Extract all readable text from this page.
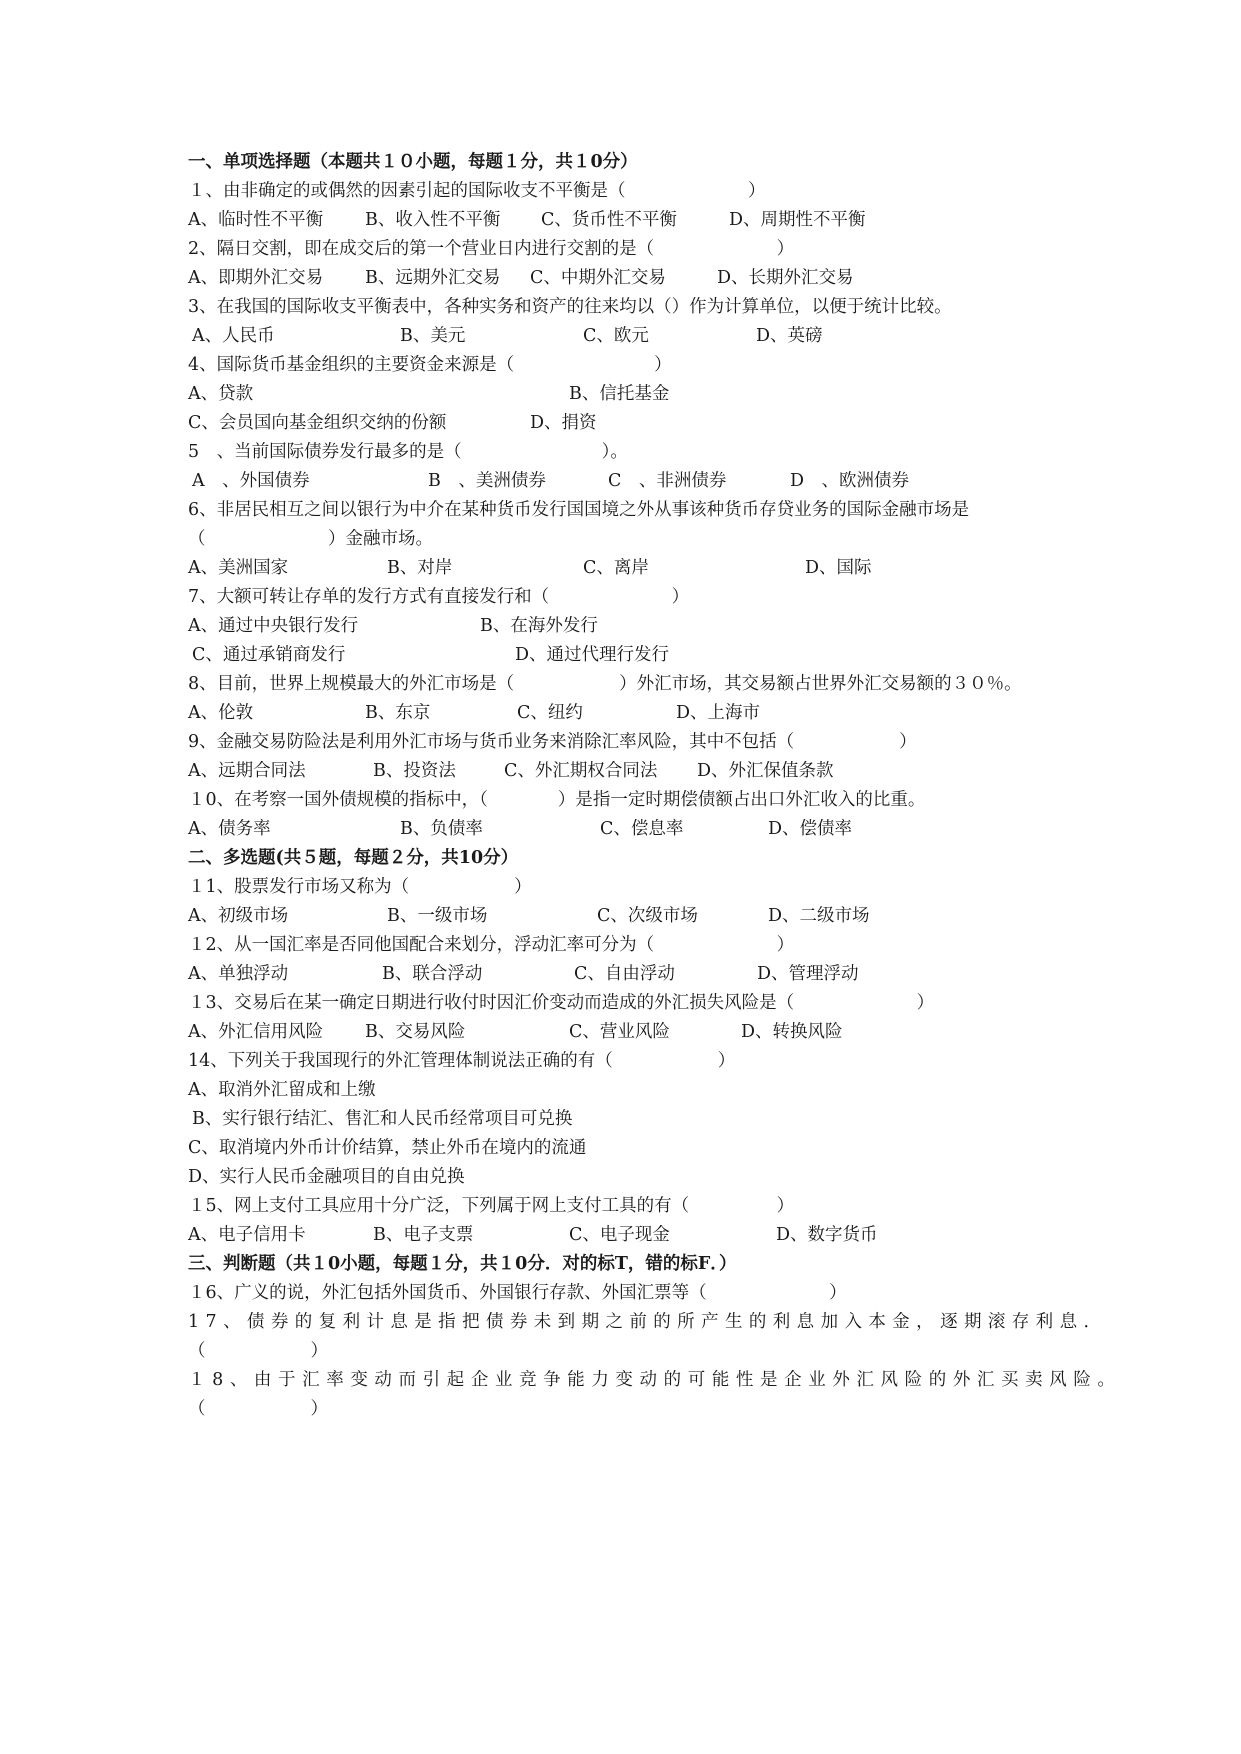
一、单项选择题（本题共１０小题，每题１分，共１0分）
１、由非确定的或偶然的因素引起的国际收支不平衡是（　　　　　　　）

A、临时性不平衡

B、收入性不平衡

C、货币性不平衡

	D、周期性不平衡

2、隔日交割，即在成交后的第一个营业日内进行交割的是（　　　　　　　）

A、即期外汇交易

B、远期外汇交易

C、中期外汇交易

	D、长期外汇交易

3、在我国的国际收支平衡表中，各种实务和资产的往来均以（）作为计算单位，以便于统计比较。

A、人民币

	B、美元

	C、欧元

	D、英磅

4、国际货币基金组织的主要资金来源是（　　　　　　　　）

A、贷款

	B、信托基金

C、会员国向基金组织交纳的份额

	D、捐资

5　、当前国际债券发行最多的是（　　　　　　　　）。

A　、外国债券

	B　、美洲债券

	C　、非洲债券

	D　、欧洲债券

6、非居民相互之间以银行为中介在某种货币发行国国境之外从事该种货币存贷业务的国际金融市场是
（　　　　　　　）金融市场。

A、美洲国家

	B、对岸

	C、离岸

	D、国际

7、大额可转让存单的发行方式有直接发行和（　　　　　　　）

A、通过中央银行发行

	B、在海外发行

C、通过承销商发行

	D、通过代理行发行

8、目前，世界上规模最大的外汇市场是（　　　　　　）外汇市场，其交易额占世界外汇交易额的３０％。

A、伦敦

	B、东京

	C、纽约

	D、上海市

9、金融交易防险法是利用外汇市场与货币业务来消除汇率风险，其中不包括（　　　　　　）

A、远期合同法

	B、投资法

	C、外汇期权合同法

D、外汇保值条款

１0、在考察一国外债规模的指标中，（　　　　）是指一定时期偿债额占出口外汇收入的比重。

A、债务率

	B、负债率

	C、偿息率

	D、偿债率

二、多选题(共５题，每题２分，共10分）
１1、股票发行市场又称为（　　　　　　）

A、初级市场

	B、一级市场

	C、次级市场

	D、二级市场

１2、从一国汇率是否同他国配合来划分，浮动汇率可分为（　　　　　　　）

A、单独浮动

	B、联合浮动

	C、自由浮动

	D、管理浮动

１3、交易后在某一确定日期进行收付时因汇价变动而造成的外汇损失风险是（　　　　　　　）

A、外汇信用风险

B、交易风险

	C、营业风险

	D、转换风险

14、下列关于我国现行的外汇管理体制说法正确的有（　　　　　　）
A、取消外汇留成和上缴
B、实行银行结汇、售汇和人民币经常项目可兑换
C、取消境内外币计价结算，禁止外币在境内的流通
D、实行人民币金融项目的自由兑换
１5、网上支付工具应用十分广泛，下列属于网上支付工具的有（　　　　　）

A、电子信用卡

	B、电子支票

	C、电子现金

	D、数字货币

三、判断题（共１0小题，每题１分，共１0分．对的标T，错的标F．）
１6、广义的说，外汇包括外国货币、外国银行存款、外国汇票等（　　　　　　　）
17、债券的复利计息是指把债券未到期之前的所产生的利息加入本金，逐期滚存利息．
（　　　　　　）
１8、由于汇率变动而引起企业竞争能力变动的可能性是企业外汇风险的外汇买卖风险。
（　　　　　　）
